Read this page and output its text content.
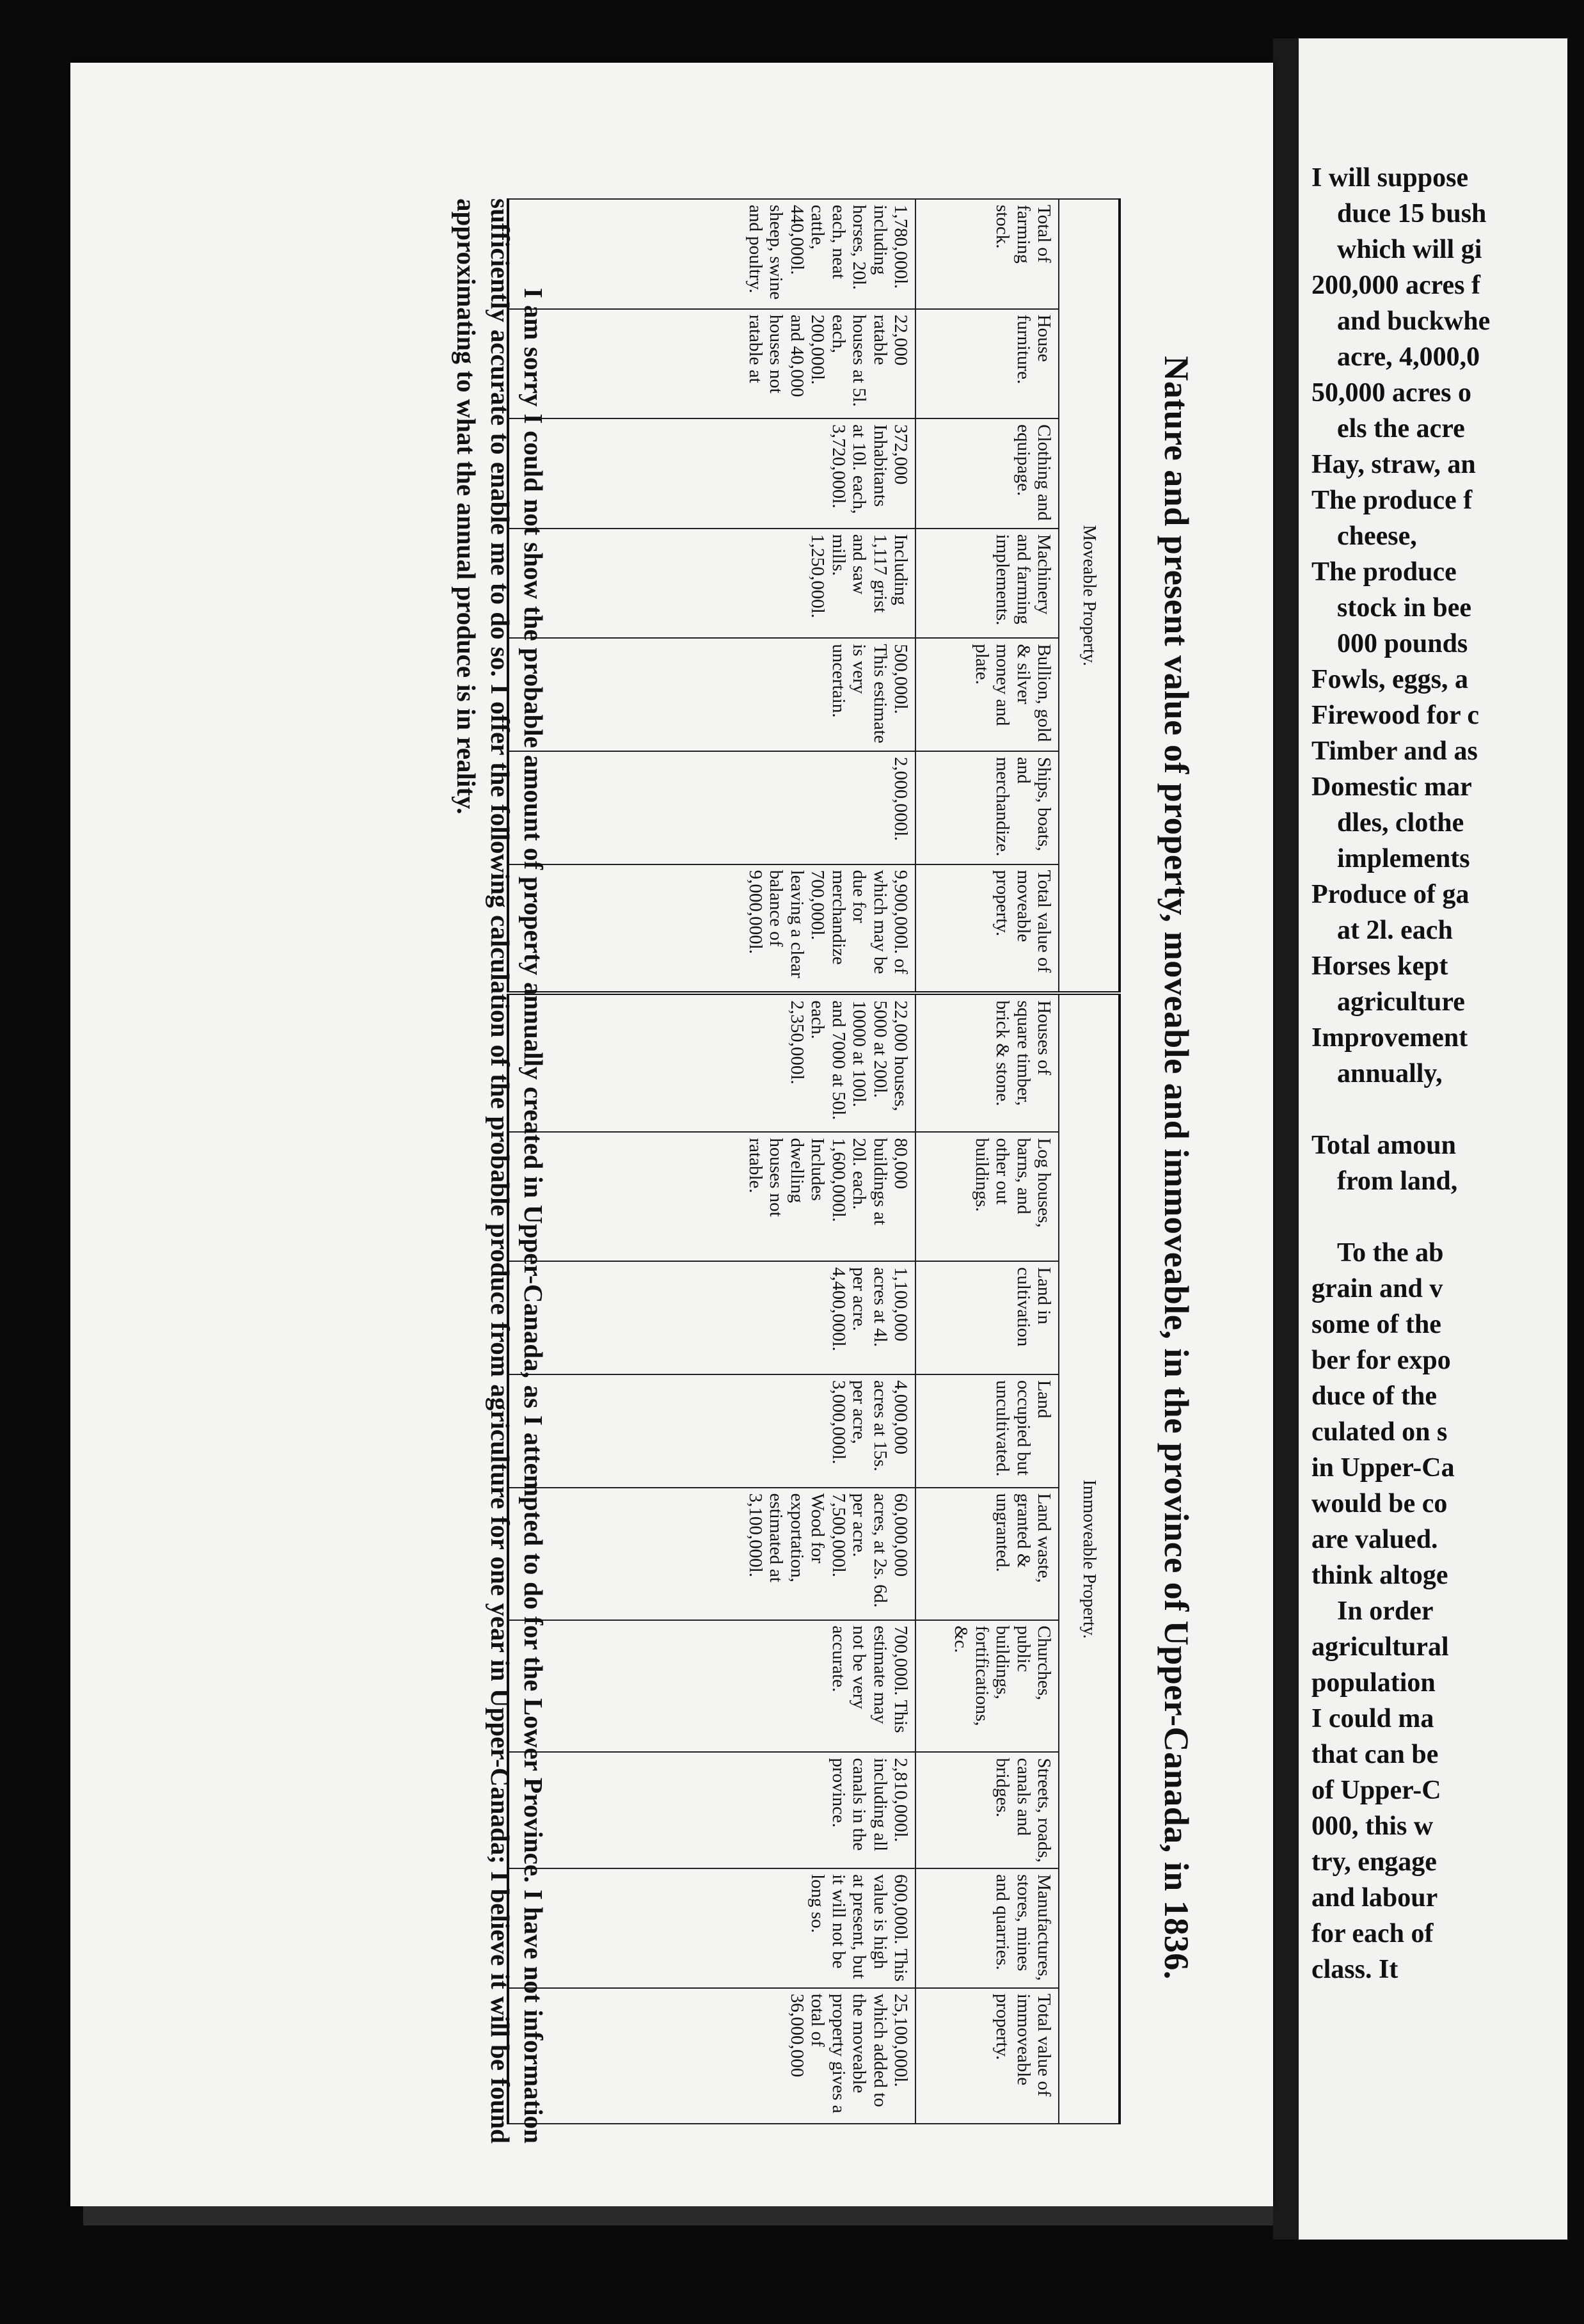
Nature and present value of property, moveable and immoveable, in the province of Upper-Canada, in 1836.
Moveable Property.							Immoveable Property.								
Total of farming stock.	House furniture.	Clothing and equipage.	Machinery and farming implements.	Bullion, gold & silver money and plate.	Ships, boats, and merchandize.	Total value of moveable property.	Houses of square timber, brick & stone.	Log houses, barns, and other out buildings.	Land in cultivation	Land occupied but uncultivated.	Land waste, granted & ungranted.	Churches, public buildings, fortifications, &c.	Streets, roads, canals and bridges.	Manufactures, stores, mines and quarries.	Total value of immoveable property.
1,780,000l. including horses, 20l. each, neat cattle, 440,000l. sheep, swine and poultry.	22,000 ratable houses at 5l. each, 200,000l. and 40,000 houses not ratable at	372,000 Inhabitants at 10l. each, 3,720,000l.	Including 1,117 grist and saw mills. 1,250,000l.	500,000l. This estimate is very uncertain.	2,000,000l.	9,900,000l. of which may be due for merchandize 700,000l. leaving a clear balance of 9,000,000l.	22,000 houses, 5000 at 200l. 10000 at 100l. and 7000 at 50l. each. 2,350,000l.	80,000 buildings at 20l. each. 1,600,000l. Includes dwelling houses not ratable.	1,100,000 acres at 4l. per acre. 4,400,000l.	4,000,000 acres at 15s. per acre, 3,000,000l.	60,000,000 acres, at 2s. 6d. per acre. 7,500,000l. Wood for exportation, estimated at 3,100,000l.	700,000l. This estimate may not be very accurate.	2,810,000l. including all canals in the province.	600,000l. This value is high at present, but it will not be long so.	25,100,000l. which added to the moveable property gives a total of 36,000,000

I am sorry I could not show the probable amount of property annually created in Upper-Canada, as I attempted to do for the Lower Province. I have not information sufficiently accurate to enable me to do so. I offer the following calculation of the probable produce from agriculture for one year in Upper-Canada; I believe it will be found approximating to what the annual produce is in reality.

I will suppose
duce 15 bush
which will gi
200,000 acres f
and buckwhe
acre, 4,000,0
50,000 acres o
els the acre
Hay, straw, an
The produce f
cheese,
The produce
stock in bee
000 pounds
Fowls, eggs, a
Firewood for c
Timber and as
Domestic mar
dles, clothe
implements
Produce of ga
at 2l. each
Horses kept
agriculture
Improvement
annually,
Total amoun
from land,
To the ab
grain and v
some of the
ber for expo
duce of the
culated on s
in Upper-Ca
would be co
are valued.
think altoge
In order
agricultural
population
I could ma
that can be
of Upper-C
000, this w
try, engage
and labour
for each of
class. It
